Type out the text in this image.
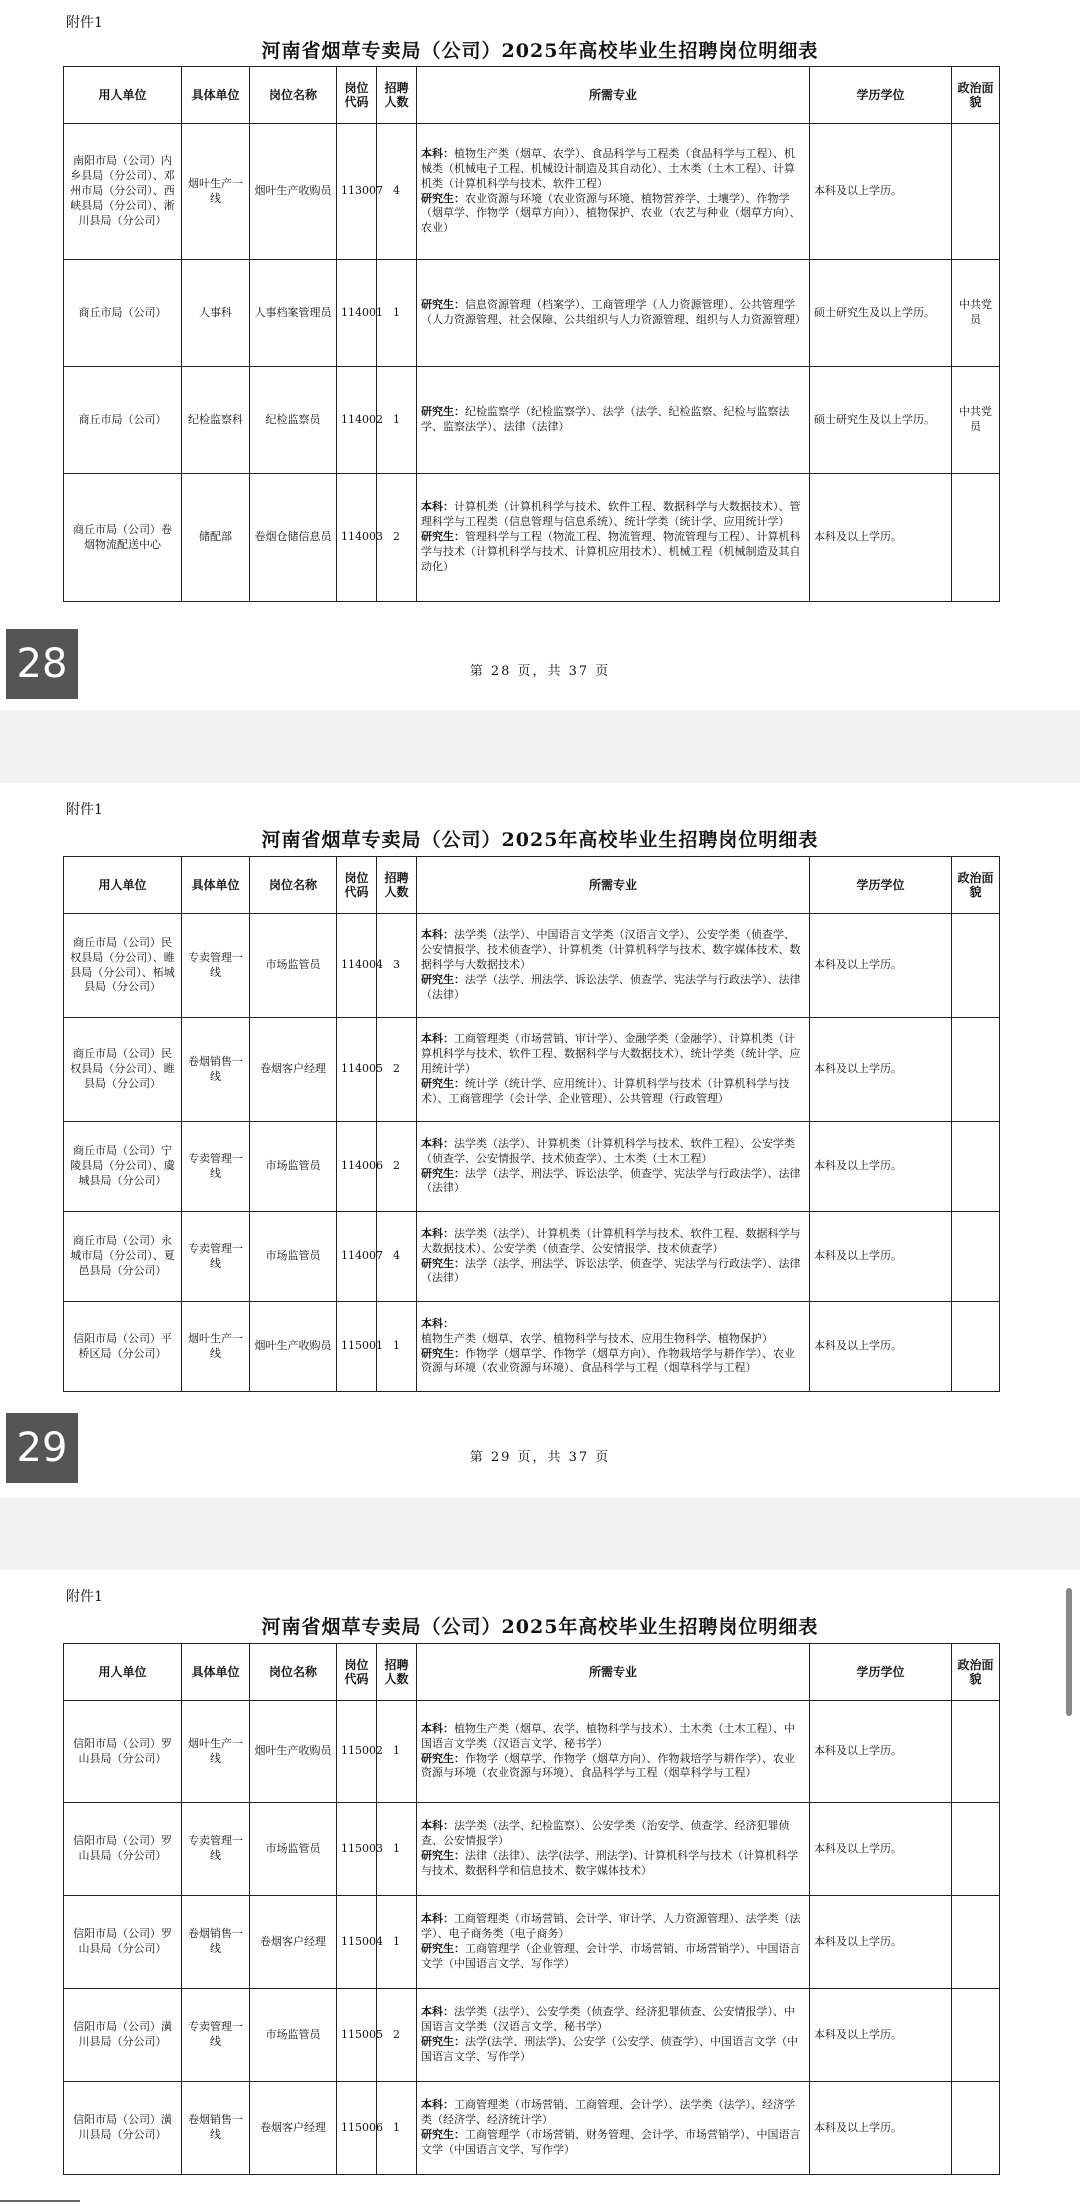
附件1
河南省烟草专卖局（公司）2025年高校毕业生招聘岗位明细表
用人单位	具体单位	岗位名称	岗位代码	招聘人数	所需专业	学历学位	政治面貌
南阳市局（公司）内乡县局（分公司）、邓州市局（分公司）、西峡县局（分公司）、淅川县局（分公司）	烟叶生产一线	烟叶生产收购员	113007	4	本科：植物生产类（烟草、农学）、食品科学与工程类（食品科学与工程）、机械类（机械电子工程、机械设计制造及其自动化）、土木类（土木工程）、计算机类（计算机科学与技术、软件工程）
研究生：农业资源与环境（农业资源与环境、植物营养学、土壤学）、作物学（烟草学、作物学（烟草方向））、植物保护、农业（农艺与种业（烟草方向）、农业）	本科及以上学历。	
商丘市局（公司）	人事科	人事档案管理员	114001	1	研究生：信息资源管理（档案学）、工商管理学（人力资源管理）、公共管理学（人力资源管理、社会保障、公共组织与人力资源管理、组织与人力资源管理）	硕士研究生及以上学历。	中共党员
商丘市局（公司）	纪检监察科	纪检监察员	114002	1	研究生：纪检监察学（纪检监察学）、法学（法学、纪检监察、纪检与监察法学、监察法学）、法律（法律）	硕士研究生及以上学历。	中共党员
商丘市局（公司）卷烟物流配送中心	储配部	卷烟仓储信息员	114003	2	本科：计算机类（计算机科学与技术、软件工程、数据科学与大数据技术）、管理科学与工程类（信息管理与信息系统）、统计学类（统计学、应用统计学）
研究生：管理科学与工程（物流工程、物流管理、物流管理与工程）、计算机科学与技术（计算机科学与技术、计算机应用技术）、机械工程（机械制造及其自动化）	本科及以上学历。	
28	第 28 页，共 37 页
附件1
河南省烟草专卖局（公司）2025年高校毕业生招聘岗位明细表
用人单位	具体单位	岗位名称	岗位代码	招聘人数	所需专业	学历学位	政治面貌
商丘市局（公司）民权县局（分公司）、睢县局（分公司）、柘城县局（分公司）	专卖管理一线	市场监管员	114004	3	本科：法学类（法学）、中国语言文学类（汉语言文学）、公安学类（侦查学、公安情报学、技术侦查学）、计算机类（计算机科学与技术、数字媒体技术、数据科学与大数据技术）
研究生：法学（法学、刑法学、诉讼法学、侦查学、宪法学与行政法学）、法律（法律）	本科及以上学历。	
商丘市局（公司）民权县局（分公司）、睢县局（分公司）	卷烟销售一线	卷烟客户经理	114005	2	本科：工商管理类（市场营销、审计学）、金融学类（金融学）、计算机类（计算机科学与技术、软件工程、数据科学与大数据技术）、统计学类（统计学、应用统计学）
研究生：统计学（统计学、应用统计）、计算机科学与技术（计算机科学与技术）、工商管理学（会计学、企业管理）、公共管理（行政管理）	本科及以上学历。	
商丘市局（公司）宁陵县局（分公司）、虞城县局（分公司）	专卖管理一线	市场监管员	114006	2	本科：法学类（法学）、计算机类（计算机科学与技术、软件工程）、公安学类（侦查学、公安情报学、技术侦查学）、土木类（土木工程）
研究生：法学（法学、刑法学、诉讼法学、侦查学、宪法学与行政法学）、法律（法律）	本科及以上学历。	
商丘市局（公司）永城市局（分公司）、夏邑县局（分公司）	专卖管理一线	市场监管员	114007	4	本科：法学类（法学）、计算机类（计算机科学与技术、软件工程、数据科学与大数据技术）、公安学类（侦查学、公安情报学、技术侦查学）
研究生：法学（法学、刑法学、诉讼法学、侦查学、宪法学与行政法学）、法律（法律）	本科及以上学历。	
信阳市局（公司）平桥区局（分公司）	烟叶生产一线	烟叶生产收购员	115001	1	本科：植物生产类（烟草、农学、植物科学与技术、应用生物科学、植物保护）
研究生：作物学（烟草学、作物学（烟草方向）、作物栽培学与耕作学）、农业资源与环境（农业资源与环境）、食品科学与工程（烟草科学与工程）	本科及以上学历。	
29	第 29 页，共 37 页
附件1
河南省烟草专卖局（公司）2025年高校毕业生招聘岗位明细表
用人单位	具体单位	岗位名称	岗位代码	招聘人数	所需专业	学历学位	政治面貌
信阳市局（公司）罗山县局（分公司）	烟叶生产一线	烟叶生产收购员	115002	1	本科：植物生产类（烟草、农学、植物科学与技术）、土木类（土木工程）、中国语言文学类（汉语言文学、秘书学）
研究生：作物学（烟草学、作物学（烟草方向）、作物栽培学与耕作学）、农业资源与环境（农业资源与环境）、食品科学与工程（烟草科学与工程）	本科及以上学历。	
信阳市局（公司）罗山县局（分公司）	专卖管理一线	市场监管员	115003	1	本科：法学类（法学、纪检监察）、公安学类（治安学、侦查学、经济犯罪侦查、公安情报学）
研究生：法律（法律）、法学(法学、刑法学)、计算机科学与技术（计算机科学与技术、数据科学和信息技术、数字媒体技术）	本科及以上学历。	
信阳市局（公司）罗山县局（分公司）	卷烟销售一线	卷烟客户经理	115004	1	本科：工商管理类（市场营销、会计学、审计学、人力资源管理）、法学类（法学）、电子商务类（电子商务）
研究生：工商管理学（企业管理、会计学、市场营销、市场营销学）、中国语言文学（中国语言文学、写作学）	本科及以上学历。	
信阳市局（公司）潢川县局（分公司）	专卖管理一线	市场监管员	115005	2	本科：法学类（法学）、公安学类（侦查学、经济犯罪侦查、公安情报学）、中国语言文学类（汉语言文学、秘书学）
研究生：法学(法学、刑法学)、公安学（公安学、侦查学）、中国语言文学（中国语言文学、写作学）	本科及以上学历。	
信阳市局（公司）潢川县局（分公司）	卷烟销售一线	卷烟客户经理	115006	1	本科：工商管理类（市场营销、工商管理、会计学）、法学类（法学）、经济学类（经济学、经济统计学）
研究生：工商管理学（市场营销、财务管理、会计学、市场营销学）、中国语言文学（中国语言文学、写作学）	本科及以上学历。	
